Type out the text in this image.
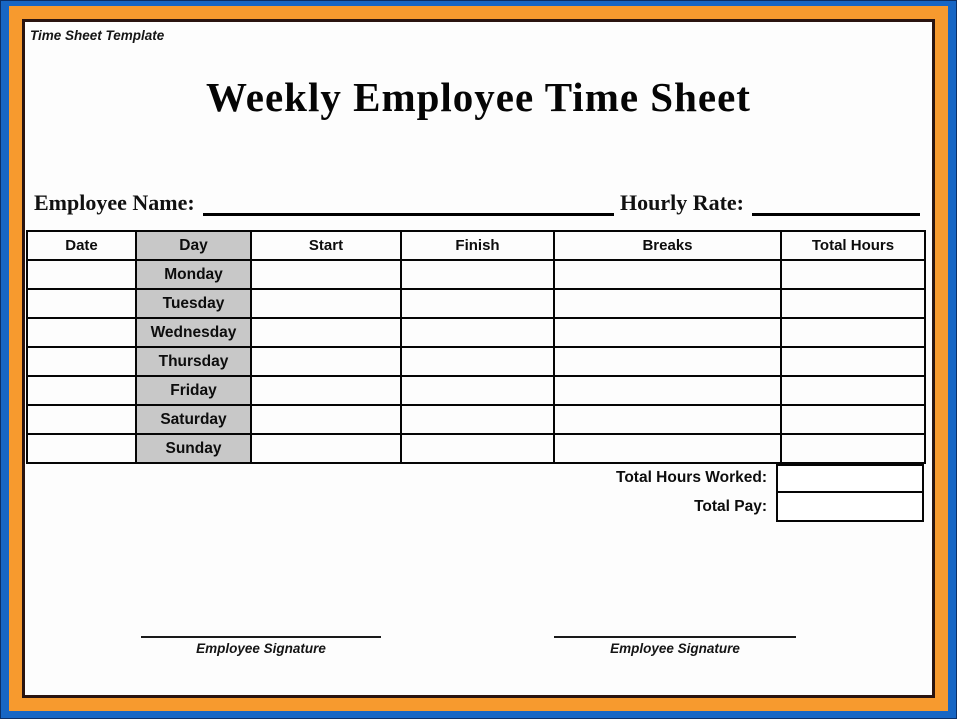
Time Sheet Template
Weekly Employee Time Sheet
Employee Name:	Hourly Rate:
Date	Day	Start	Finish	Breaks	Total Hours
	Monday				
	Tuesday				
	Wednesday				
	Thursday				
	Friday				
	Saturday				
	Sunday				
Total Hours Worked:
Total Pay:
Employee Signature	Employee Signature
